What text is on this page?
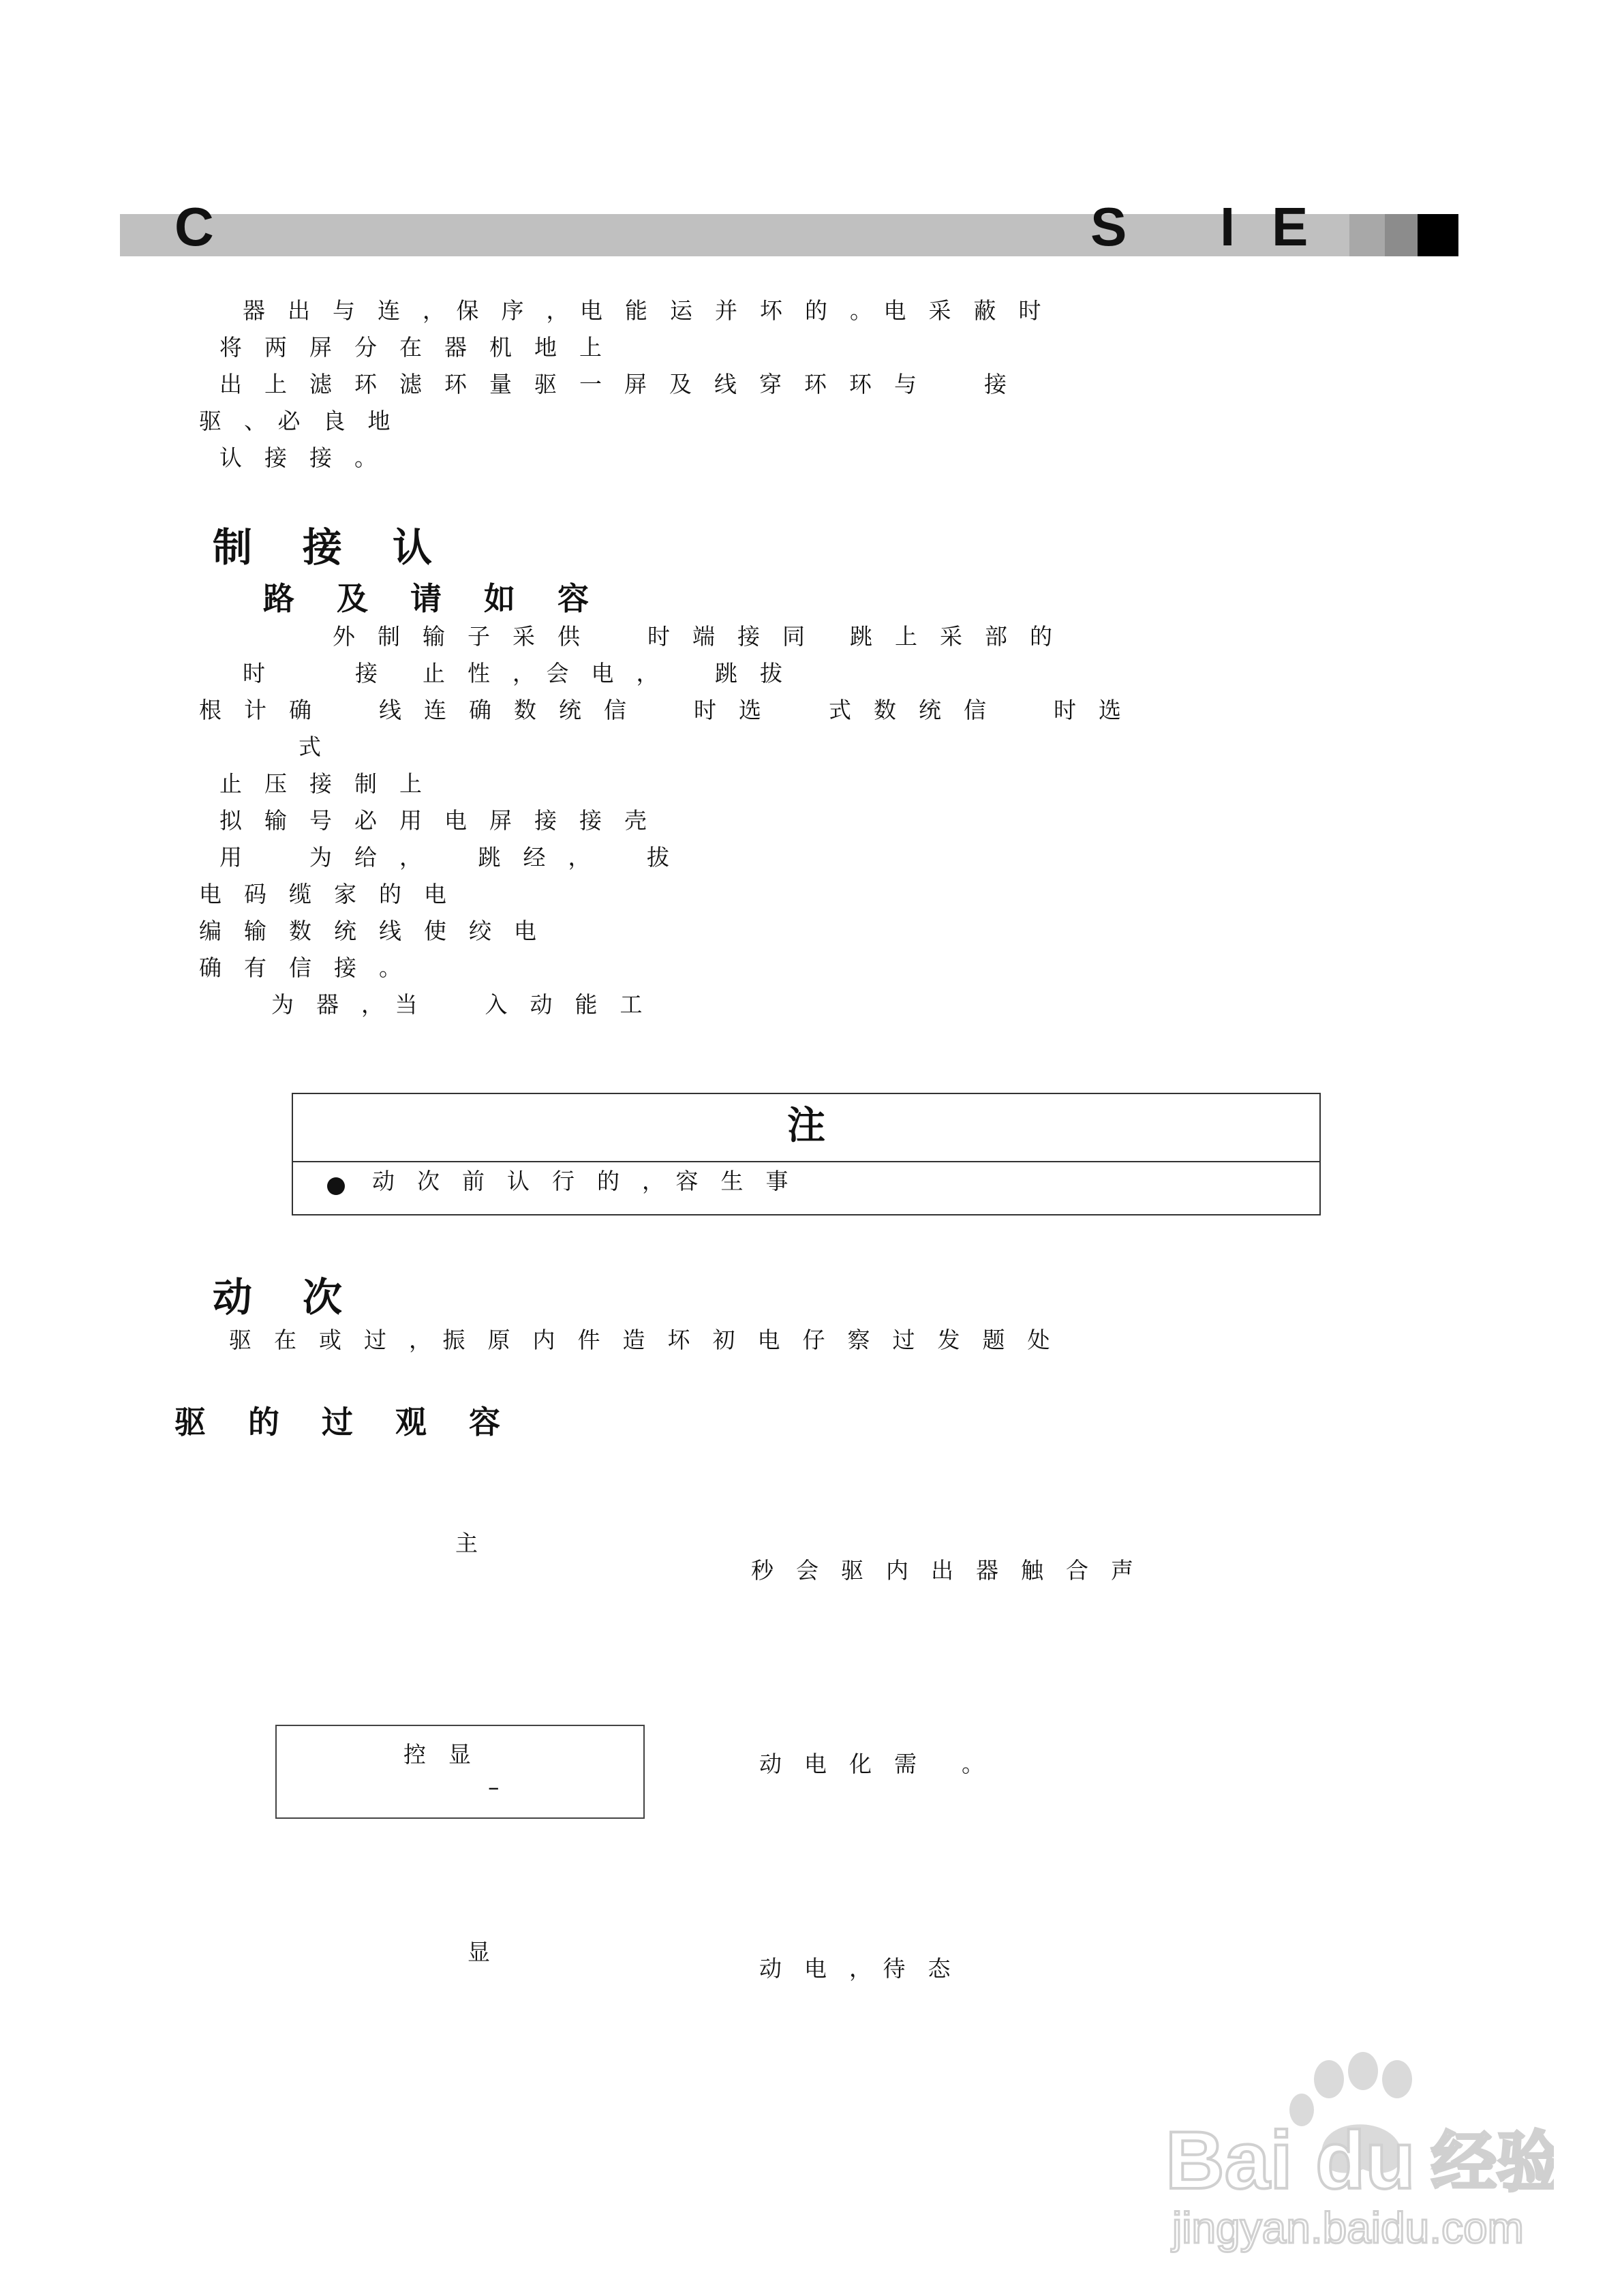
C	S I E
器　出　与　连　，　保　序　，　电　能　运　并　坏　的　。　电　采　蔽　时
将　两　屏　分　在　器　机　地　上
出　上　滤　环　滤　环　量　驱　一　屏　及　线　穿　环　环　与　　　接
驱　、　必　良　地
认　接　接　。
制　接　认
路　及　请　如　容
外　制　输　子　采　供　　　时　端　接　同　　跳　上　采　部　的
时　　　　接　　止　性　，　会　电　，　　　跳　拔
根　计　确　　　线　连　确　数　统　信　　　时　选　　　式　数　统　信　　　时　选
式
止　压　接　制　上
拟　输　号　必　用　电　屏　接　接　壳
用　　　为　给　，　　　跳　经　，　　　拔
电　码　缆　家　的　电
编　输　数　统　线　使　绞　电
确　有　信　接　。
为　器　，　当　　　入　动　能　工
注
动　次　前　认　行　的　，　容　生　事
动　次
驱　在　或　过　，　振　原　内　件　造　坏　初　电　仔　察　过　发　题　处
驱　的　过　观　容
主
秒　会　驱　内　出　器　触　合　声
控　显
–
动　电　化　需　　。
显
动　电　，　待　态
Bai du 经验
jingyan.baidu.com
